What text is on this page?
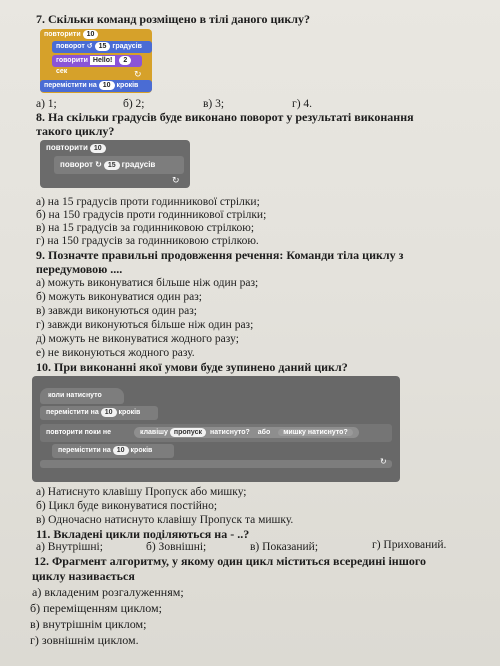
7. Скільки команд розміщено в тілі даного циклу?
повторити 10
поворот ↺ 15 градусів
говорити Hello! 2сек	↻
перемістити на 10 кроків
а) 1;	б) 2;	в) 3;	г) 4.
8. На скільки градусів буде виконано поворот у результаті виконання
такого циклу?
повторити 10
поворот ↻ 15 градусів
↻
а) на 15 градусів проти годинникової стрілки;
б) на 150 градусів проти годинникової стрілки;
в) на 15 градусів за годинниковою стрілкою;
г) на 150 градусів за годинниковою стрілкою.
9. Позначте правильні продовження речення: Команди тіла циклу з
передумовою ....
а) можуть виконуватися більше ніж один раз;
б) можуть виконуватися один раз;
в) завжди виконуються один раз;
г) завжди виконуються більше ніж один раз;
д) можуть не виконуватися жодного разу;
е) не виконуються жодного разу.
10. При виконанні якої умови буде зупинено даний цикл?
коли натиснуто
перемістити на 10 кроків
повторити поки не	клавішу пропуск натиснуто? або мишку натиснуто?
перемістити на 10 кроків
↻
а) Натиснуто клавішу Пропуск або мишку;
б) Цикл буде виконуватися постійно;
в) Одночасно натиснуто клавішу Пропуск та мишку.
11. Вкладені цикли поділяються на - ..?
а) Внутрішні;	б) Зовнішні;	в) Показаний;	г) Прихований.
12. Фрагмент алгоритму, у якому один цикл міститься всередині іншого
циклу називається
а) вкладеним розгалуженням;
б) переміщенням циклом;
в) внутрішнім циклом;
г) зовнішнім циклом.
